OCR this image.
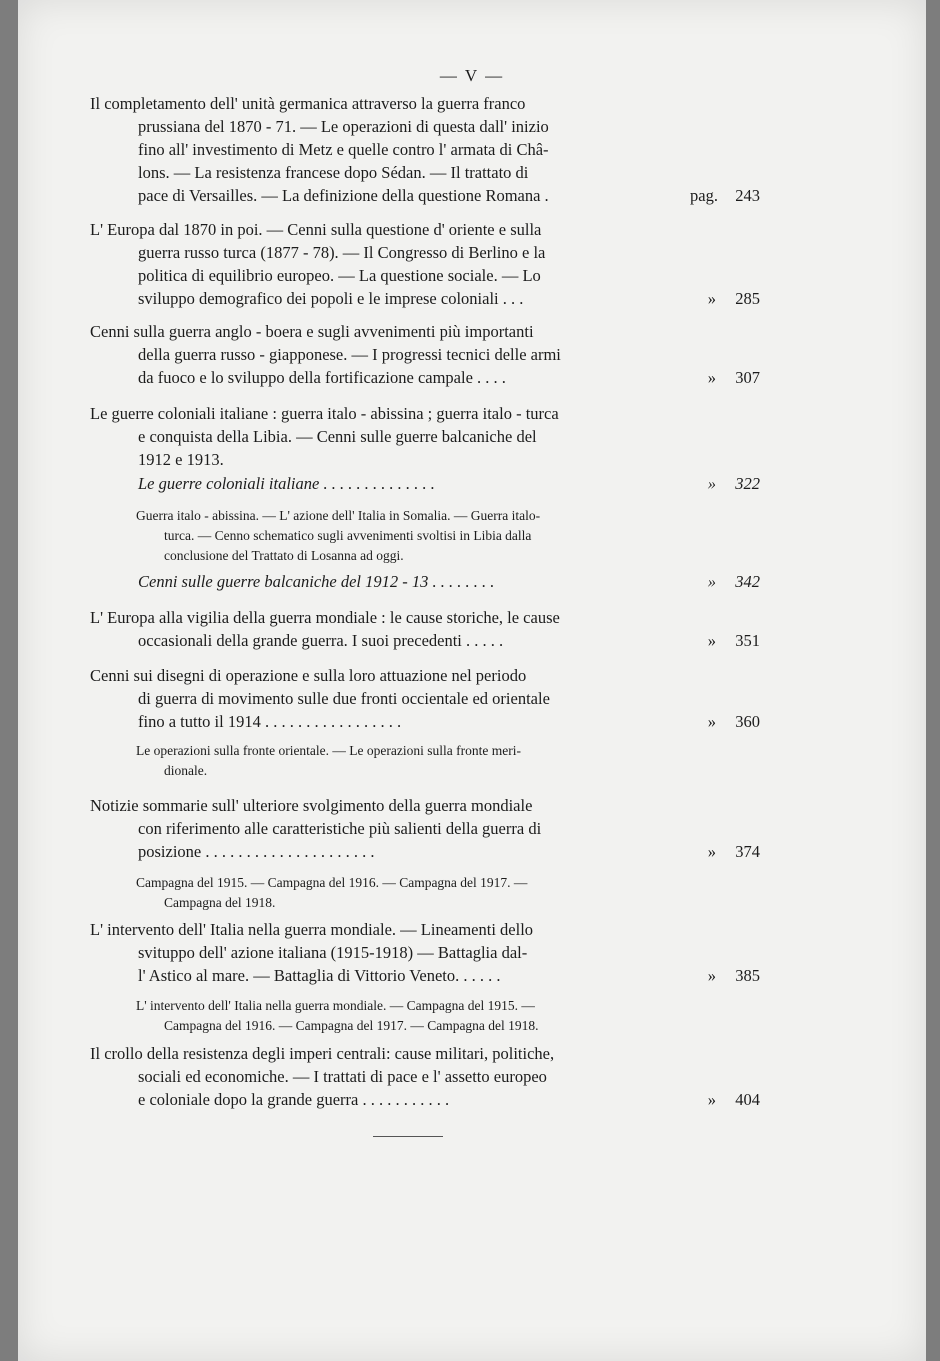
— V —
Il completamento dell' unità germanica attraverso la guerra franco
prussiana del 1870 - 71. — Le operazioni di questa dall' inizio
fino all' investimento di Metz e quelle contro l' armata di Châ-
lons. — La resistenza francese dopo Sédan. — Il trattato di
pace di Versailles. — La definizione della questione Romana .	pag.	243
L' Europa dal 1870 in poi. — Cenni sulla questione d' oriente e sulla
guerra russo turca (1877 - 78). — Il Congresso di Berlino e la
politica di equilibrio europeo. — La questione sociale. — Lo
sviluppo demografico dei popoli e le imprese coloniali . . .	»	285
Cenni sulla guerra anglo - boera e sugli avvenimenti più importanti
della guerra russo - giapponese. — I progressi tecnici delle armi
da fuoco e lo sviluppo della fortificazione campale . . . .	»	307
Le guerre coloniali italiane : guerra italo - abissina ; guerra italo - turca
e conquista della Libia. — Cenni sulle guerre balcaniche del
1912 e 1913.
Le guerre coloniali italiane . . . . . . . . . . . . . .	»	322
Guerra italo - abissina. — L' azione dell' Italia in Somalia. — Guerra italo-
turca. — Cenno schematico sugli avvenimenti svoltisi in Libia dalla
conclusione del Trattato di Losanna ad oggi.
Cenni sulle guerre balcaniche del 1912 - 13 . . . . . . . .	»	342
L' Europa alla vigilia della guerra mondiale : le cause storiche, le cause
occasionali della grande guerra. I suoi precedenti . . . . .	»	351
Cenni sui disegni di operazione e sulla loro attuazione nel periodo
di guerra di movimento sulle due fronti occientale ed orientale
fino a tutto il 1914 . . . . . . . . . . . . . . . . .	»	360
Le operazioni sulla fronte orientale. — Le operazioni sulla fronte meri-
dionale.
Notizie sommarie sull' ulteriore svolgimento della guerra mondiale
con riferimento alle caratteristiche più salienti della guerra di
posizione . . . . . . . . . . . . . . . . . . . . .	»	374
Campagna del 1915. — Campagna del 1916. — Campagna del 1917. —
Campagna del 1918.
L' intervento dell' Italia nella guerra mondiale. — Lineamenti dello
svituppo dell' azione italiana (1915-1918) — Battaglia dal-
l' Astico al mare. — Battaglia di Vittorio Veneto. . . . . .	»	385
L' intervento dell' Italia nella guerra mondiale. — Campagna del 1915. —
Campagna del 1916. — Campagna del 1917. — Campagna del 1918.
Il crollo della resistenza degli imperi centrali: cause militari, politiche,
sociali ed economiche. — I trattati di pace e l' assetto europeo
e coloniale dopo la grande guerra . . . . . . . . . . .	»	404
